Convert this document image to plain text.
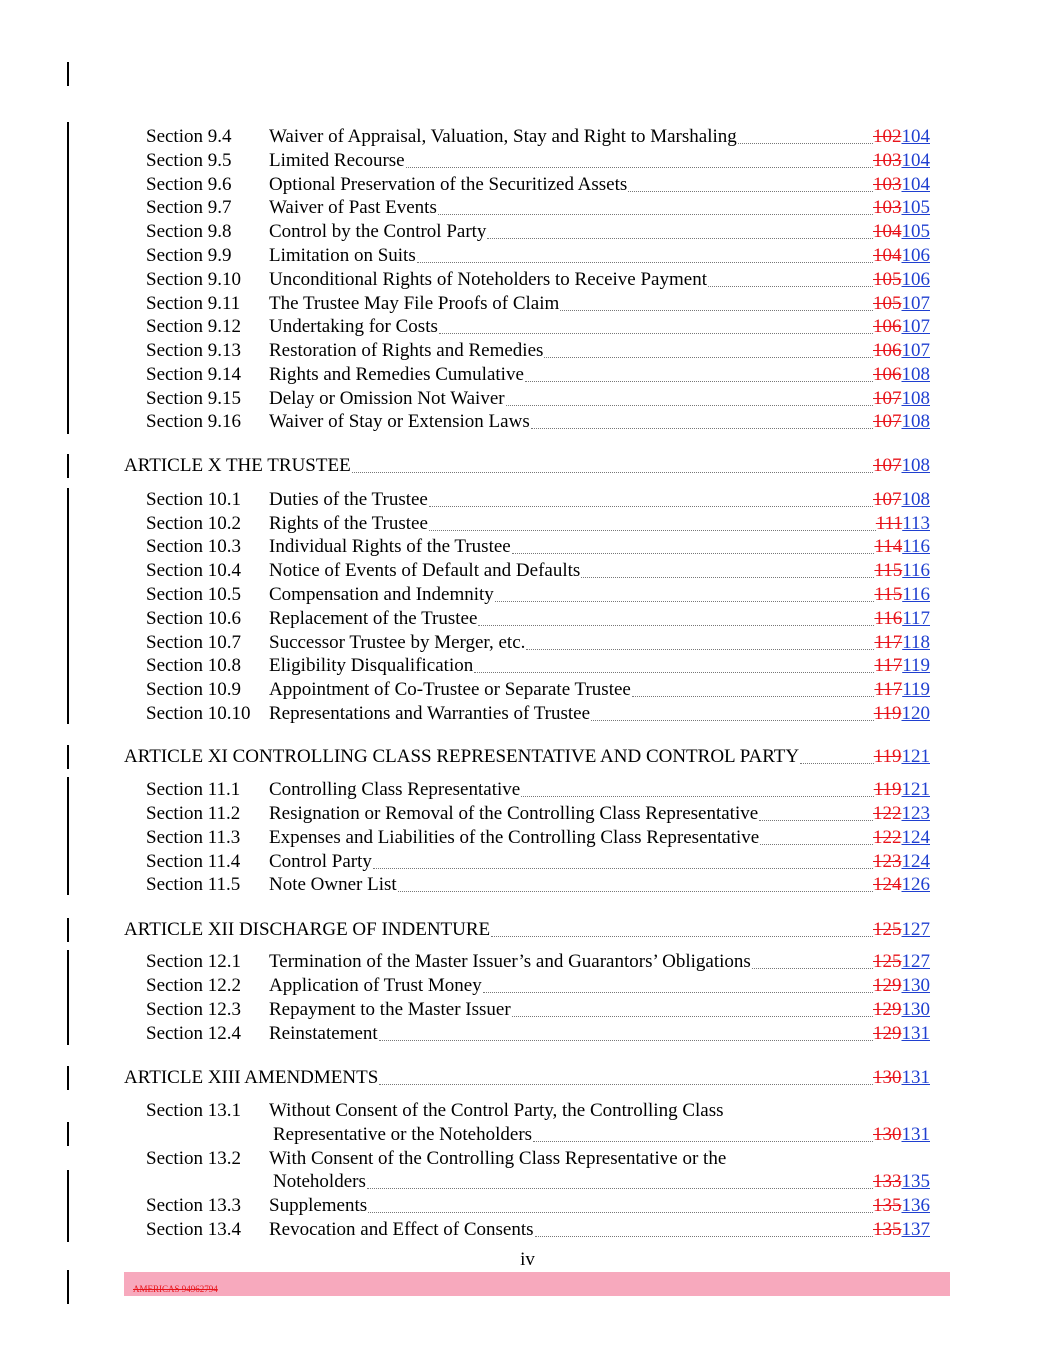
Section 9.4 Waiver of Appraisal, Valuation, Stay and Right to Marshaling	102104
Section 9.5 Limited Recourse	103104
Section 9.6 Optional Preservation of the Securitized Assets	103104
Section 9.7 Waiver of Past Events	103105
Section 9.8 Control by the Control Party	104105
Section 9.9 Limitation on Suits	104106
Section 9.10 Unconditional Rights of Noteholders to Receive Payment	105106
Section 9.11 The Trustee May File Proofs of Claim	105107
Section 9.12 Undertaking for Costs	106107
Section 9.13 Restoration of Rights and Remedies	106107
Section 9.14 Rights and Remedies Cumulative	106108
Section 9.15 Delay or Omission Not Waiver	107108
Section 9.16 Waiver of Stay or Extension Laws	107108
ARTICLE X THE TRUSTEE	107108
Section 10.1 Duties of the Trustee	107108
Section 10.2 Rights of the Trustee	111113
Section 10.3 Individual Rights of the Trustee	114116
Section 10.4 Notice of Events of Default and Defaults	115116
Section 10.5 Compensation and Indemnity	115116
Section 10.6 Replacement of the Trustee	116117
Section 10.7 Successor Trustee by Merger, etc.	117118
Section 10.8 Eligibility Disqualification	117119
Section 10.9 Appointment of Co-Trustee or Separate Trustee	117119
Section 10.10 Representations and Warranties of Trustee	119120
ARTICLE XI CONTROLLING CLASS REPRESENTATIVE AND CONTROL PARTY	119121
Section 11.1 Controlling Class Representative	119121
Section 11.2 Resignation or Removal of the Controlling Class Representative	122123
Section 11.3 Expenses and Liabilities of the Controlling Class Representative	122124
Section 11.4 Control Party	123124
Section 11.5 Note Owner List	124126
ARTICLE XII DISCHARGE OF INDENTURE	125127
Section 12.1 Termination of the Master Issuer’s and Guarantors’ Obligations	125127
Section 12.2 Application of Trust Money	129130
Section 12.3 Repayment to the Master Issuer	129130
Section 12.4 Reinstatement	129131
ARTICLE XIII AMENDMENTS	130131
Section 13.1 Without Consent of the Control Party, the Controlling Class
Representative or the Noteholders	130131
Section 13.2 With Consent of the Controlling Class Representative or the
Noteholders	133135
Section 13.3 Supplements	135136
Section 13.4 Revocation and Effect of Consents	135137
iv
AMERICAS 94962794
